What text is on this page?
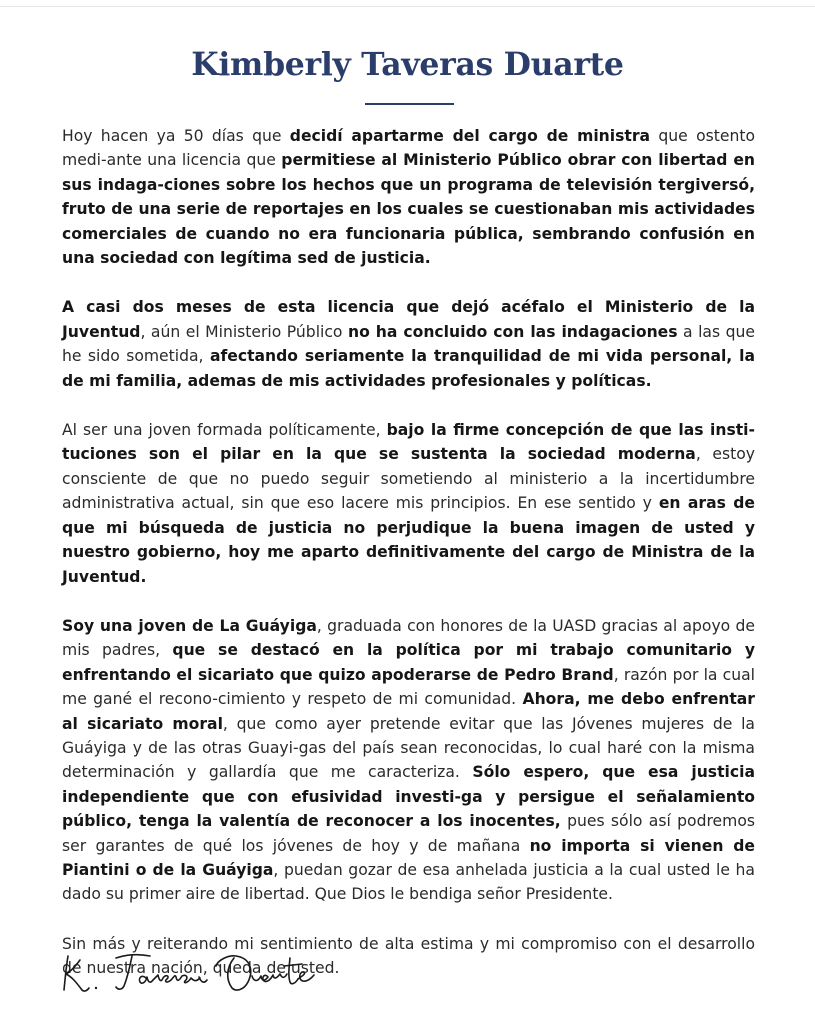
Kimberly Taveras Duarte

Hoy hacen ya 50 días que decidí apartarme del cargo de ministra que ostento medi-ante una licencia que permitiese al Ministerio Público obrar con libertad en sus indaga-ciones sobre los hechos que un programa de televisión tergiversó, fruto de una serie de reportajes en los cuales se cuestionaban mis actividades comerciales de cuando no era funcionaria pública, sembrando confusión en una sociedad con legítima sed de justicia.

A casi dos meses de esta licencia que dejó acéfalo el Ministerio de la Juventud, aún el Ministerio Público no ha concluido con las indagaciones a las que he sido sometida, afectando seriamente la tranquilidad de mi vida personal, la de mi familia, ademas de mis actividades profesionales y políticas.

Al ser una joven formada políticamente, bajo la firme concepción de que las insti-tuciones son el pilar en la que se sustenta la sociedad moderna, estoy consciente de que no puedo seguir sometiendo al ministerio a la incertidumbre administrativa actual, sin que eso lacere mis principios. En ese sentido y en aras de que mi búsqueda de justicia no perjudique la buena imagen de usted y nuestro gobierno, hoy me aparto definitivamente del cargo de Ministra de la Juventud.

Soy una joven de La Guáyiga, graduada con honores de la UASD gracias al apoyo de mis padres, que se destacó en la política por mi trabajo comunitario y enfrentando el sicariato que quizo apoderarse de Pedro Brand, razón por la cual me gané el recono-cimiento y respeto de mi comunidad. Ahora, me debo enfrentar al sicariato moral, que como ayer pretende evitar que las Jóvenes mujeres de la Guáyiga y de las otras Guayi-gas del país sean reconocidas, lo cual haré con la misma determinación y gallardía que me caracteriza. Sólo espero, que esa justicia independiente que con efusividad investi-ga y persigue el señalamiento público, tenga la valentía de reconocer a los inocentes, pues sólo así podremos ser garantes de qué los jóvenes de hoy y de mañana no importa si vienen de Piantini o de la Guáyiga, puedan gozar de esa anhelada justicia a la cual usted le ha dado su primer aire de libertad. Que Dios le bendiga señor Presidente.

Sin más y reiterando mi sentimiento de alta estima y mi compromiso con el desarrollo de nuestra nación, queda de usted.
